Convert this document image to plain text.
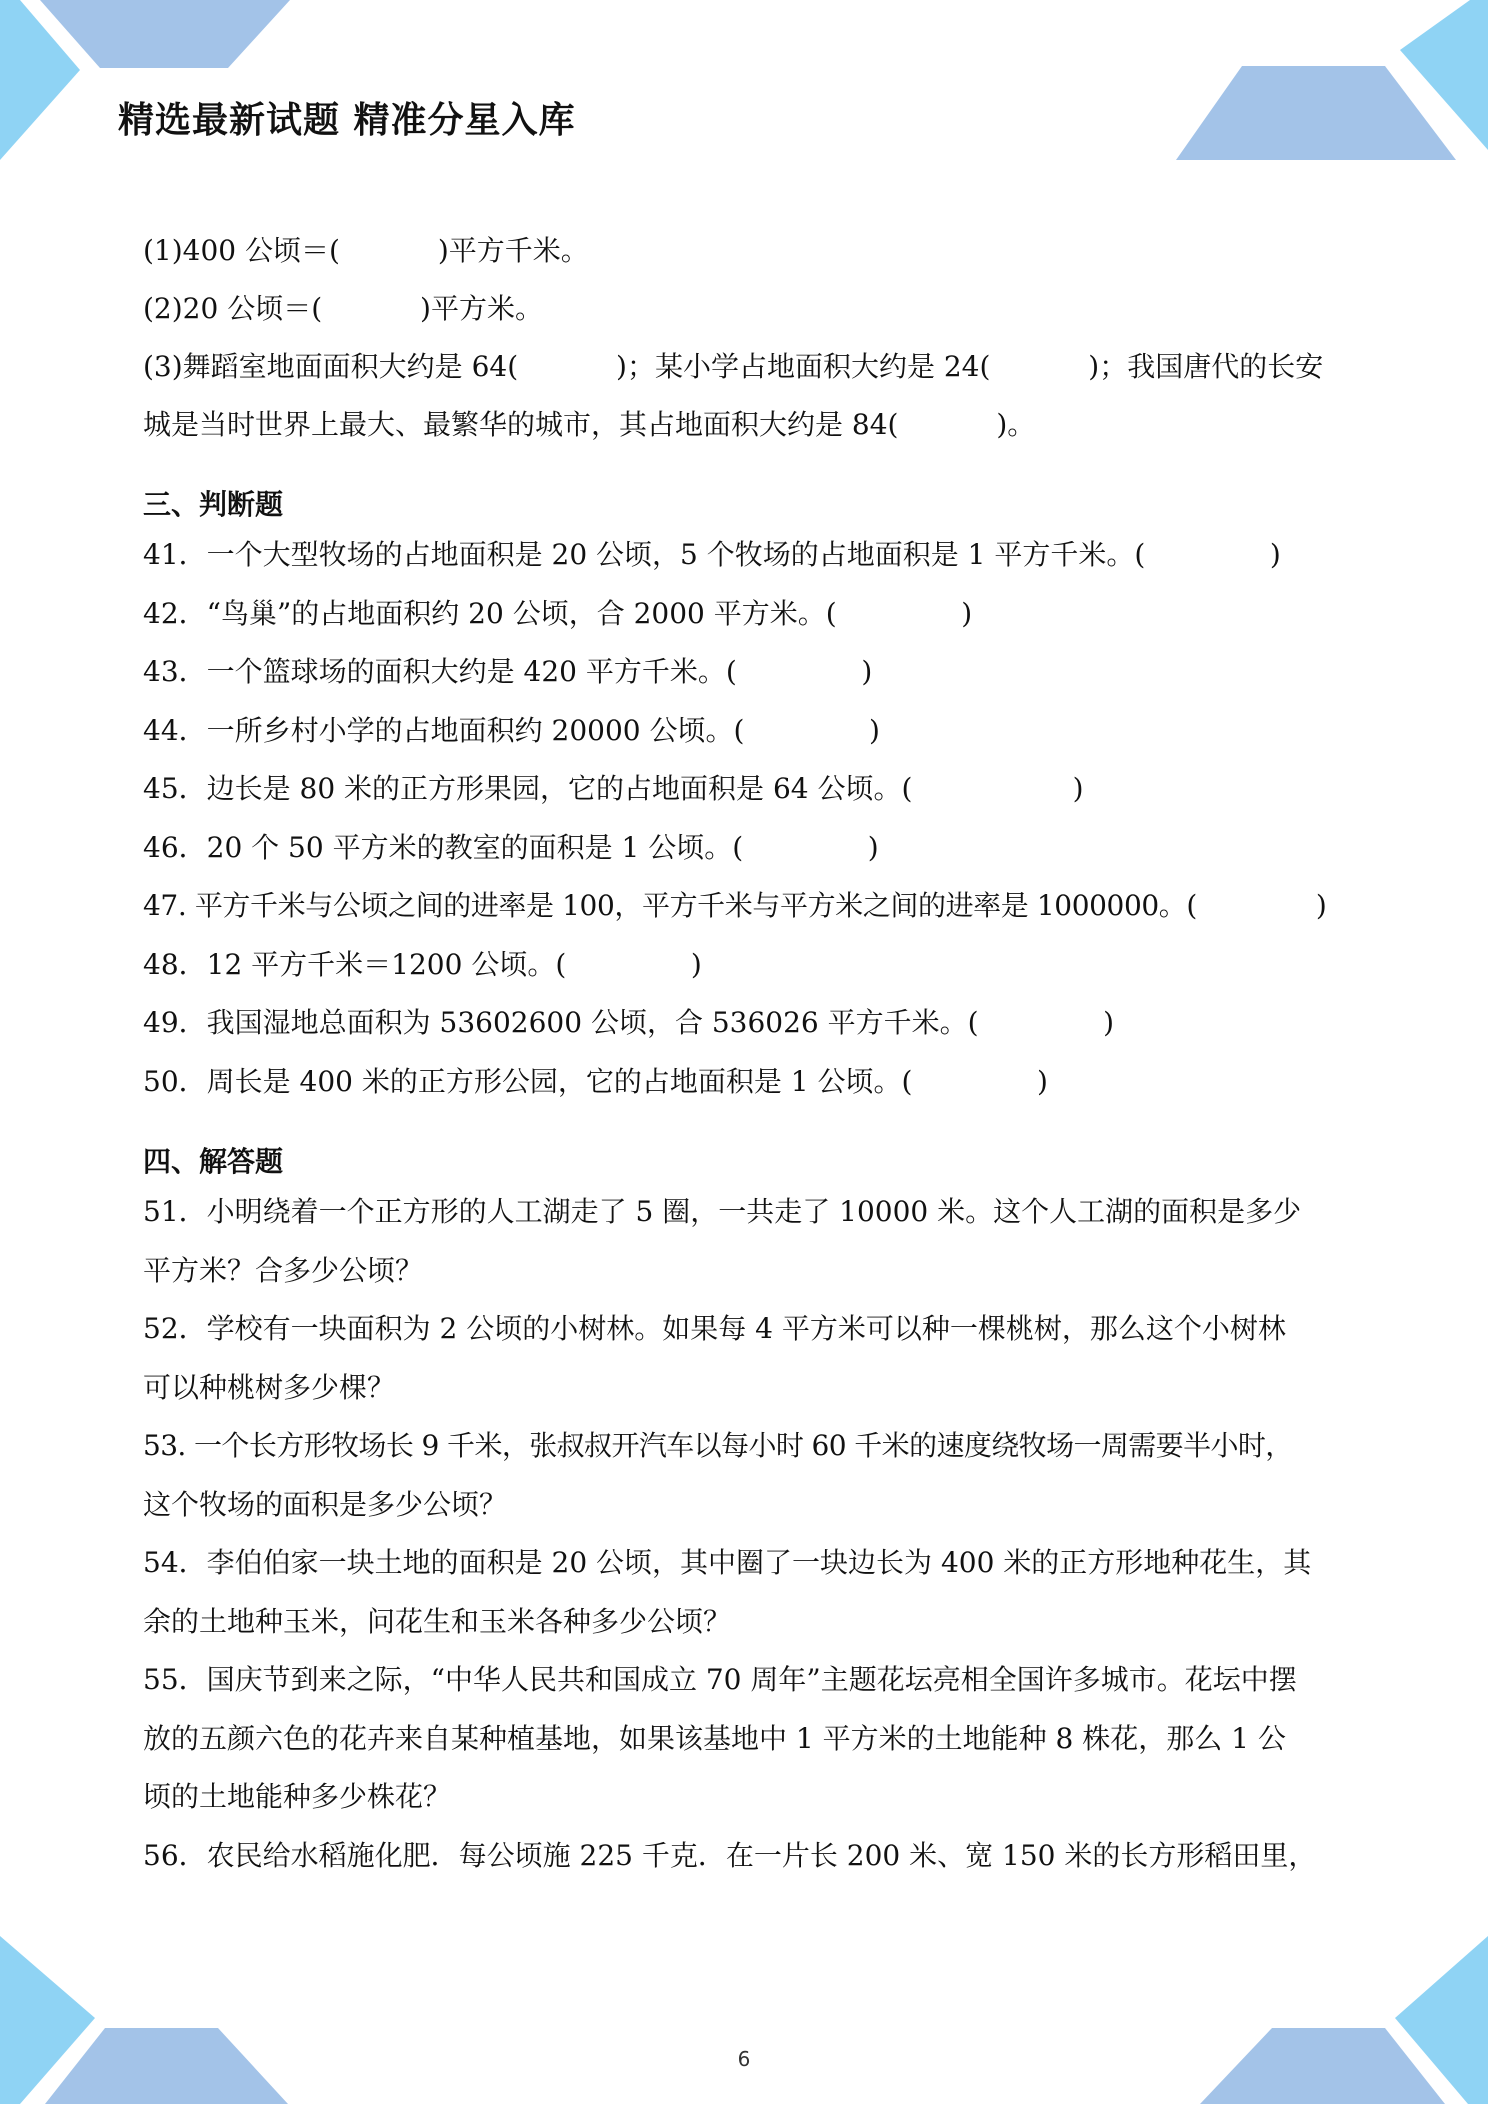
精选最新试题 精准分星入库
(1)400 公顷＝(           )平方千米。
(2)20 公顷＝(           )平方米。
(3)舞蹈室地面面积大约是 64(           )；某小学占地面积大约是 24(           )；我国唐代的长安
城是当时世界上最大、最繁华的城市，其占地面积大约是 84(           )。
三、判断题
41．一个大型牧场的占地面积是 20 公顷，5 个牧场的占地面积是 1 平方千米。(              )
42．“鸟巢”的占地面积约 20 公顷，合 2000 平方米。(              )
43．一个篮球场的面积大约是 420 平方千米。(              )
44．一所乡村小学的占地面积约 20000 公顷。(              )
45．边长是 80 米的正方形果园，它的占地面积是 64 公顷。(                  )
46．20 个 50 平方米的教室的面积是 1 公顷。(              )
47. 平方千米与公顷之间的进率是 100，平方千米与平方米之间的进率是 1000000。(              )
48．12 平方千米＝1200 公顷。(              )
49．我国湿地总面积为 53602600 公顷，合 536026 平方千米。(              )
50．周长是 400 米的正方形公园，它的占地面积是 1 公顷。(              )
四、解答题
51．小明绕着一个正方形的人工湖走了 5 圈，一共走了 10000 米。这个人工湖的面积是多少
平方米？合多少公顷？
52．学校有一块面积为 2 公顷的小树林。如果每 4 平方米可以种一棵桃树，那么这个小树林
可以种桃树多少棵？
53. 一个长方形牧场长 9 千米，张叔叔开汽车以每小时 60 千米的速度绕牧场一周需要半小时，
这个牧场的面积是多少公顷？
54．李伯伯家一块土地的面积是 20 公顷，其中圈了一块边长为 400 米的正方形地种花生，其
余的土地种玉米，问花生和玉米各种多少公顷？
55．国庆节到来之际，“中华人民共和国成立 70 周年”主题花坛亮相全国许多城市。花坛中摆
放的五颜六色的花卉来自某种植基地，如果该基地中 1 平方米的土地能种 8 株花，那么 1 公
顷的土地能种多少株花？
56．农民给水稻施化肥．每公顷施 225 千克．在一片长 200 米、宽 150 米的长方形稻田里，
6
